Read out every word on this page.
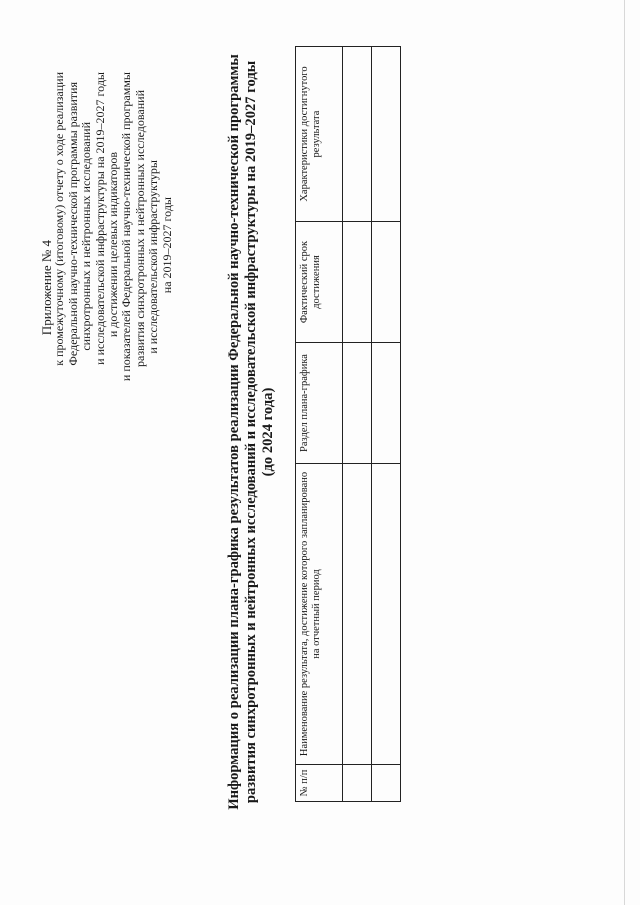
Приложение № 4
к промежуточному (итоговому) отчету о ходе реализации Федеральной научно-технической программы развития синхротронных и нейтронных исследований и исследовательской инфраструктуры на 2019–2027 годы и достижении целевых индикаторов и показателей Федеральной научно-технической программы развития синхротронных и нейтронных исследований и исследовательской инфраструктуры на 2019–2027 годы	Информация о реализации плана-графика результатов реализации Федеральной научно-технической программы развития синхротронных и нейтронных исследований и исследовательской инфраструктуры на 2019–2027 годы (до 2024 года)
№ п/п	Наименование результата, достижение которого запланировано на отчетный период	Раздел плана-графика	Фактический срок достижения	Характеристики достигнутого результата
